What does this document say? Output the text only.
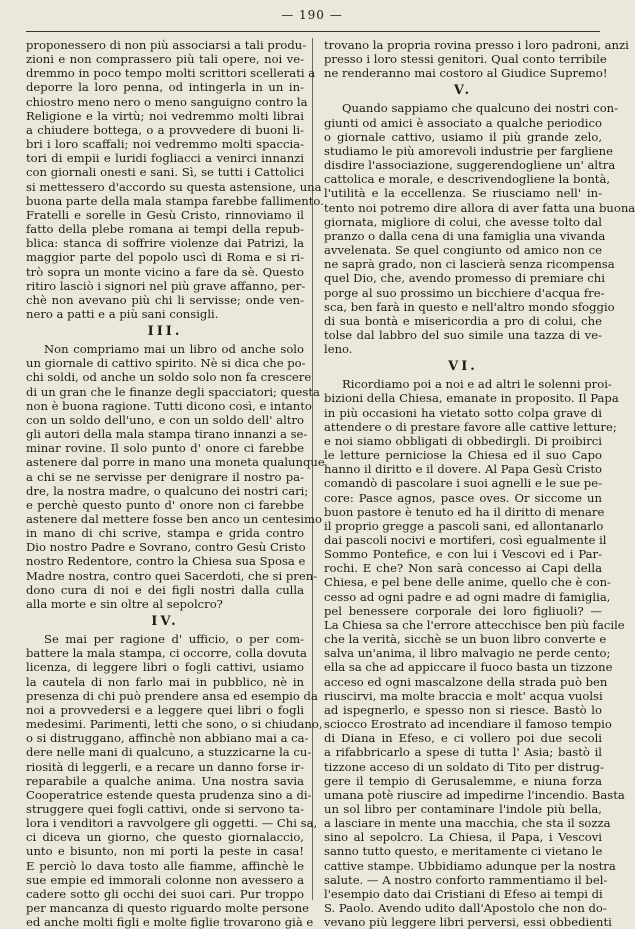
— 190 —
proponessero di non più associarsi a tali produ-
zioni e non comprassero più tali opere, noi ve-
dremmo in poco tempo molti scrittori scellerati a
deporre la loro penna, od intingerla in un in-
chiostro meno nero o meno sanguigno contro la
Religione e la virtù; noi vedremmo molti librai
a chiudere bottega, o a provvedere di buoni li-
bri i loro scaffali; noi vedremmo molti spaccia-
tori di empii e luridi fogliacci a venirci innanzi
con giornali onesti e sani. Sì, se tutti i Cattolici
si mettessero d'accordo su questa astensione, una
buona parte della mala stampa farebbe fallimento.
Fratelli e sorelle in Gesù Cristo, rinnoviamo il
fatto della plebe romana ai tempi della repub-
blica: stanca di soffrire violenze dai Patrizi, la
maggior parte del popolo uscì di Roma e si ri-
trò sopra un monte vicino a fare da sè. Questo
ritiro lasciò i signori nel più grave affanno, per-
chè non avevano più chi li servisse; onde ven-
nero a patti e a più sani consigli.
III.
Non compriamo mai un libro od anche solo
un giornale di cattivo spirito. Nè si dica che po-
chi soldi, od anche un soldo solo non fa crescere
di un gran che le finanze degli spacciatori; questa
non è buona ragione. Tutti dicono così, e intanto
con un soldo dell'uno, e con un soldo dell' altro
gli autori della mala stampa tirano innanzi a se-
minar rovine. Il solo punto d' onore ci farebbe
astenere dal porre in mano una moneta qualunque
a chi se ne servisse per denigrare il nostro pa-
dre, la nostra madre, o qualcuno dei nostri cari;
e perchè questo punto d' onore non ci farebbe
astenere dal mettere fosse ben anco un centesimo
in mano di chi scrive, stampa e grida contro
Dio nostro Padre e Sovrano, contro Gesù Cristo
nostro Redentore, contro la Chiesa sua Sposa e
Madre nostra, contro quei Sacerdoti, che si pren-
dono cura di noi e dei figli nostri dalla culla
alla morte e sin oltre al sepolcro?
IV.
Se mai per ragione d' ufficio, o per com-
battere la mala stampa, ci occorre, colla dovuta
licenza, di leggere libri o fogli cattivi, usiamo
la cautela di non farlo mai in pubblico, nè in
presenza di chi può prendere ansa ed esempio da
noi a provvedersi e a leggere quei libri o fogli
medesimi. Parimenti, letti che sono, o si chiudano,
o si distruggano, affinchè non abbiano mai a ca-
dere nelle mani di qualcuno, a stuzzicarne la cu-
riosità di leggerli, e a recare un danno forse ir-
reparabile a qualche anima. Una nostra savia
Cooperatrice estende questa prudenza sino a di-
struggere quei fogli cattivi, onde si servono ta-
lora i venditori a ravvolgere gli oggetti. — Chi sa,
ci diceva un giorno, che questo giornalaccio,
unto e bisunto, non mi porti la peste in casa!
E perciò lo dava tosto alle fiamme, affinchè le
sue empie ed immorali colonne non avessero a
cadere sotto gli occhi dei suoi cari. Pur troppo
per mancanza di questo riguardo molte persone
ed anche molti figli e molte figlie trovarono già e
trovano la propria rovina presso i loro padroni, anzi
presso i loro stessi genitori. Qual conto terribile
ne renderanno mai costoro al Giudice Supremo!
V.
Quando sappiamo che qualcuno dei nostri con-
giunti od amici è associato a qualche periodico
o giornale cattivo, usiamo il più grande zelo,
studiamo le più amorevoli industrie per fargliene
disdire l'associazione, suggerendogliene un' altra
cattolica e morale, e descrivendogliene la bontà,
l'utilità e la eccellenza. Se riusciamo nell' in-
tento noi potremo dire allora di aver fatta una buona
giornata, migliore di colui, che avesse tolto dal
pranzo o dalla cena di una famiglia una vivanda
avvelenata. Se quel congiunto od amico non ce
ne saprà grado, non ci lascierà senza ricompensa
quel Dio, che, avendo promesso di premiare chi
porge al suo prossimo un bicchiere d'acqua fre-
sca, ben farà in questo e nell'altro mondo sfoggio
di sua bontà e misericordia a pro di colui, che
tolse dal labbro del suo simile una tazza di ve-
leno.
VI.
Ricordiamo poi a noi e ad altri le solenni proi-
bizioni della Chiesa, emanate in proposito. Il Papa
in più occasioni ha vietato sotto colpa grave di
attendere o di prestare favore alle cattive letture;
e noi siamo obbligati di obbedirgli. Di proibirci
le letture perniciose la Chiesa ed il suo Capo
hanno il diritto e il dovere. Al Papa Gesù Cristo
comandò di pascolare i suoi agnelli e le sue pe-
core: Pasce agnos, pasce oves. Or siccome un
buon pastore è tenuto ed ha il diritto di menare
il proprio gregge a pascoli sani, ed allontanarlo
dai pascoli nocivi e mortiferi, così egualmente il
Sommo Pontefice, e con lui i Vescovi ed i Par-
rochi. E che? Non sarà concesso ai Capi della
Chiesa, e pel bene delle anime, quello che è con-
cesso ad ogni padre e ad ogni madre di famiglia,
pel benessere corporale dei loro figliuoli? —
La Chiesa sa che l'errore attecchisce ben più facile
che la verità, sicchè se un buon libro converte e
salva un'anima, il libro malvagio ne perde cento;
ella sa che ad appiccare il fuoco basta un tizzone
acceso ed ogni mascalzone della strada può ben
riuscirvi, ma molte braccia e molt' acqua vuolsi
ad ispegnerlo, e spesso non si riesce. Bastò lo
sciocco Erostrato ad incendiare il famoso tempio
di Diana in Efeso, e ci vollero poi due secoli
a rifabbricarlo a spese di tutta l' Asia; bastò il
tizzone acceso di un soldato di Tito per distrug-
gere il tempio di Gerusalemme, e niuna forza
umana potè riuscire ad impedirne l'incendio. Basta
un sol libro per contaminare l'indole più bella,
a lasciare in mente una macchia, che sta il sozza
sino al sepolcro. La Chiesa, il Papa, i Vescovi
sanno tutto questo, e meritamente ci vietano le
cattive stampe. Ubbidiamo adunque per la nostra
salute. — A nostro conforto rammentiamo il bel-
l'esempio dato dai Cristiani di Efeso ai tempi di
S. Paolo. Avendo udito dall'Apostolo che non do-
vevano più leggere libri perversi, essi obbedienti
